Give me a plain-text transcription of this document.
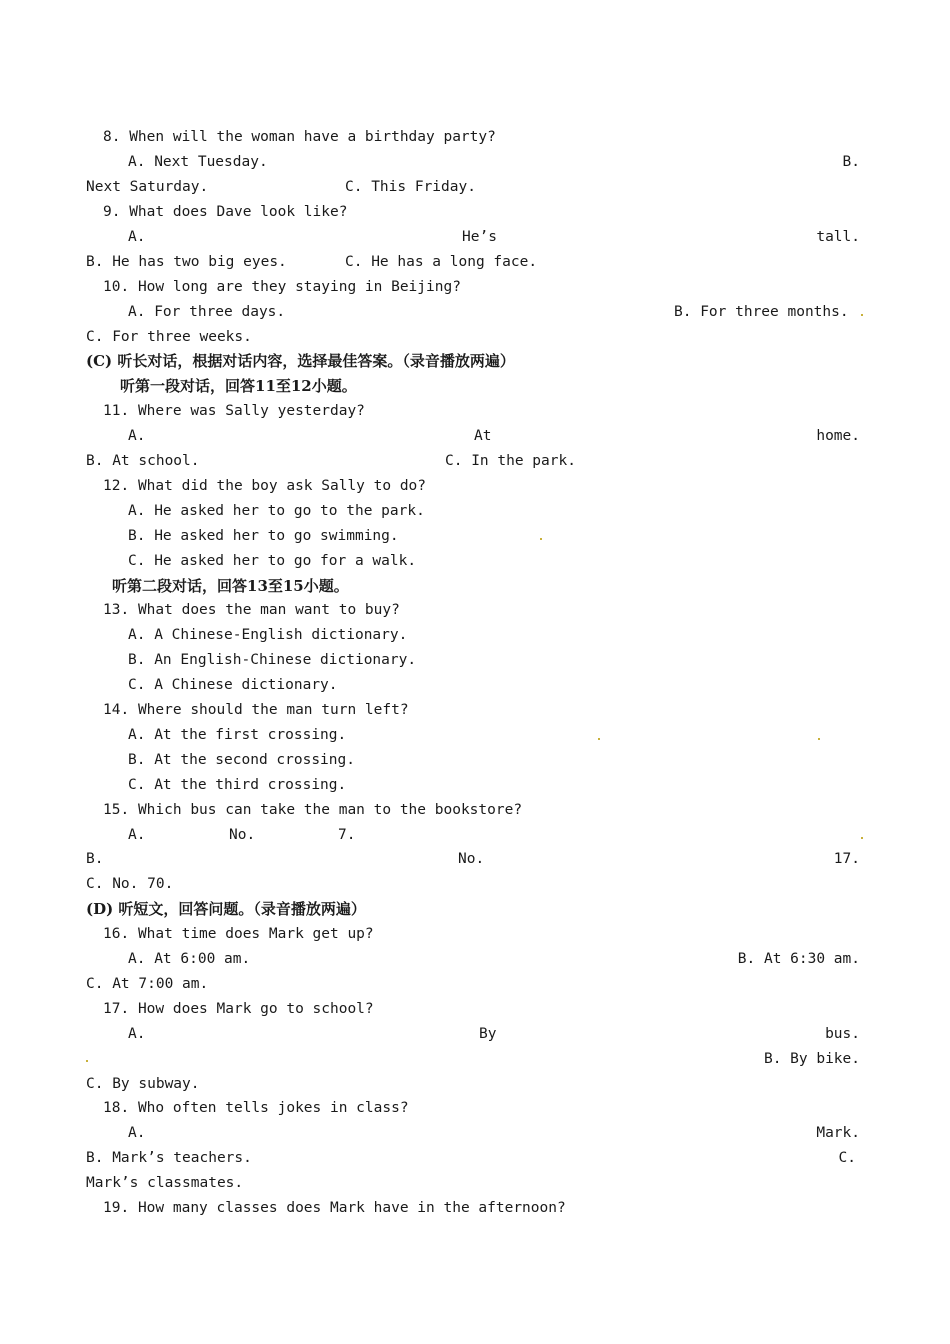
8. When will the woman have a birthday party?
A. Next Tuesday.	B.
Next Saturday.	C. This Friday.
9. What does Dave look like?
A.	He’s	tall.
B. He has two big eyes.	C. He has a long face.
10. How long are they staying in Beijing?
A. For three days.	B. For three months.
C. For three weeks.
(C) 听长对话，根据对话内容，选择最佳答案。（录音播放两遍）
听第一段对话，回答11至12小题。
11. Where was Sally yesterday?
A.	At	home.
B. At school.	C. In the park.
12. What did the boy ask Sally to do?
A. He asked her to go to the park.
B. He asked her to go swimming.
C. He asked her to go for a walk.
听第二段对话，回答13至15小题。
13. What does the man want to buy?
A. A Chinese-English dictionary.
B. An English-Chinese dictionary.
C. A Chinese dictionary.
14. Where should the man turn left?
A. At the first crossing.
B. At the second crossing.
C. At the third crossing.
15. Which bus can take the man to the bookstore?
A.	No.	7.
B.	No.	17.
C. No. 70.
(D) 听短文，回答问题。（录音播放两遍）
16. What time does Mark get up?
A. At 6:00 am.	B. At 6:30 am.
C. At 7:00 am.
17. How does Mark go to school?
A.	By	bus.
B. By bike.
C. By subway.
18. Who often tells jokes in class?
A.	Mark.
B. Mark’s teachers.	C.
Mark’s classmates.
19. How many classes does Mark have in the afternoon?
